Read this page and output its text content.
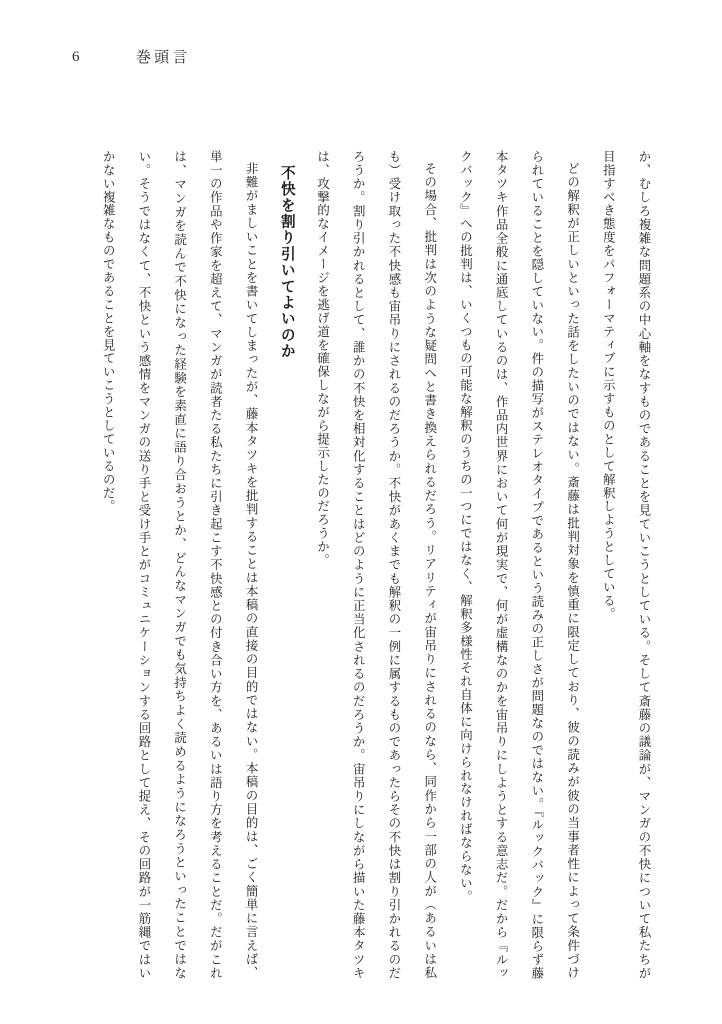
6	巻頭言

か、むしろ複雑な問題系の中心軸をなすものであることを見ていこうとしている。そして斎藤の議論が、マンガの不快について私たちが目指すべき態度をパフォーマティブに示すものとして解釈しようとしている。

どの解釈が正しいといった話をしたいのではない。斎藤は批判対象を慎重に限定しており、彼の読みが彼の当事者性によって条件づけられていることを隠していない。件の描写がステレオタイプであるという読みの正しさが問題なのではない。『ルックバック』に限らず藤本タツキ作品全般に通底しているのは、作品内世界において何が現実で、何が虚構なのかを宙吊りにしようとする意志だ。だから『ルックバック』への批判は、いくつもの可能な解釈のうちの一つにではなく、解釈多様性それ自体に向けられなければならない。

その場合、批判は次のような疑問へと書き換えられるだろう。リアリティが宙吊りにされるのなら、同作から一部の人が（あるいは私も）受け取った不快感も宙吊りにされるのだろうか。不快があくまでも解釈の一例に属するものであったらその不快は割り引かれるのだろうか。割り引かれるとして、誰かの不快を相対化することはどのように正当化されるのだろうか。宙吊りにしながら描いた藤本タツキは、攻撃的なイメージを逃げ道を確保しながら提示したのだろうか。

不快を割り引いてよいのか

非難がましいことを書いてしまったが、藤本タツキを批判することは本稿の直接の目的ではない。本稿の目的は、ごく簡単に言えば、単一の作品や作家を超えて、マンガが読者たる私たちに引き起こす不快感との付き合い方を、あるいは語り方を考えることだ。だがこれは、マンガを読んで不快になった経験を素直に語り合おうとか、どんなマンガでも気持ちよく読めるようになろうといったことではない。そうではなくて、不快という感情をマンガの送り手と受け手とがコミュニケーションする回路として捉え、その回路が一筋縄ではいかない複雑なものであることを見ていこうとしているのだ。
